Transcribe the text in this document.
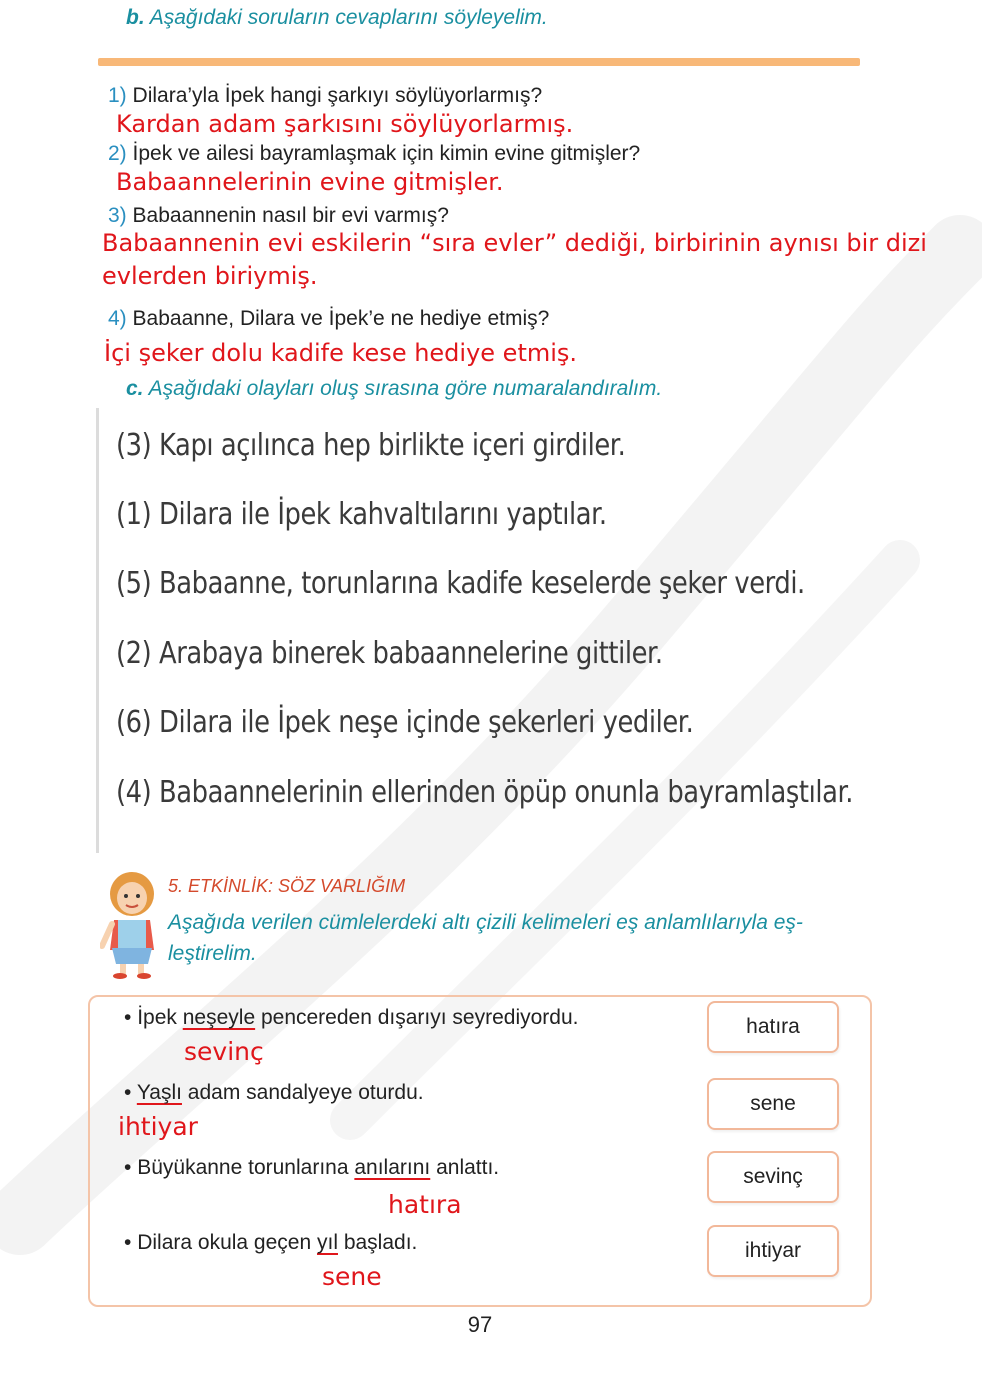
b. Aşağıdaki soruların cevaplarını söyleyelim.
1) Dilara’yla İpek hangi şarkıyı söylüyorlarmış?
Kardan adam şarkısını söylüyorlarmış.
2) İpek ve ailesi bayramlaşmak için kimin evine gitmişler?
Babaannelerinin evine gitmişler.
3) Babaannenin nasıl bir evi varmış?
Babaannenin evi eskilerin “sıra evler” dediği, birbirinin aynısı bir dizi
evlerden biriymiş.
4) Babaanne, Dilara ve İpek’e ne hediye etmiş?
İçi şeker dolu kadife kese hediye etmiş.
c. Aşağıdaki olayları oluş sırasına göre numaralandıralım.
(3) Kapı açılınca hep birlikte içeri girdiler.
(1) Dilara ile İpek kahvaltılarını yaptılar.
(5) Babaanne, torunlarına kadife keselerde şeker verdi.
(2) Arabaya binerek babaannelerine gittiler.
(6) Dilara ile İpek neşe içinde şekerleri yediler.
(4) Babaannelerinin ellerinden öpüp onunla bayramlaştılar.
5. ETKİNLİK: SÖZ VARLIĞIM
Aşağıda verilen cümlelerdeki altı çizili kelimeleri eş anlamlılarıyla eş-
leştirelim.
• İpek neşeyle pencereden dışarıyı seyrediyordu.
sevinç
• Yaşlı adam sandalyeye oturdu.
ihtiyar
• Büyükanne torunlarına anılarını anlattı.
hatıra
• Dilara okula geçen yıl başladı.
sene
hatıra
sene
sevinç
ihtiyar
97
